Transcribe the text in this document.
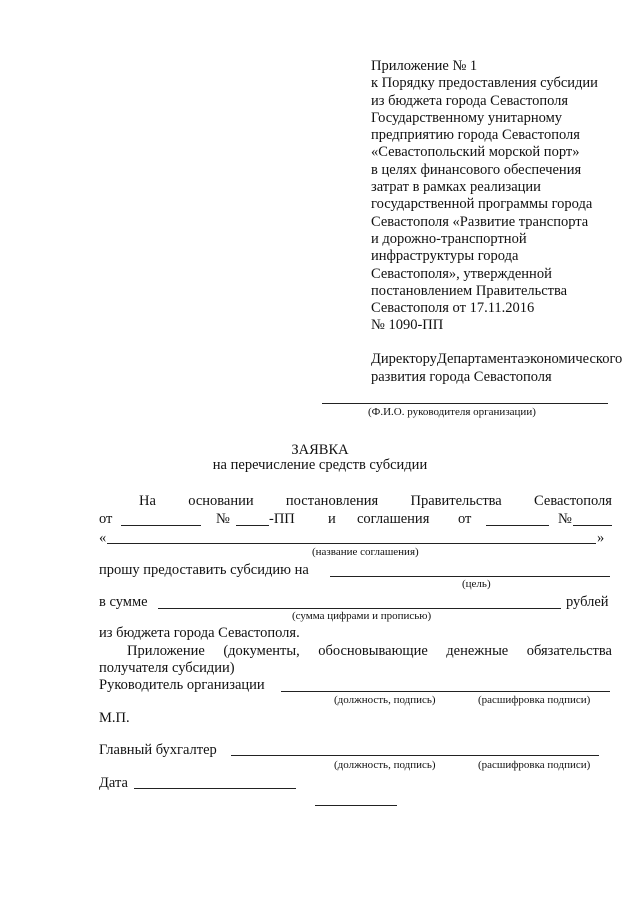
Приложение № 1
к Порядку предоставления субсидии
из бюджета города Севастополя
Государственному унитарному
предприятию города Севастополя
«Севастопольский морской порт»
в целях финансового обеспечения
затрат в рамках реализации
государственной программы города
Севастополя «Развитие транспорта
и дорожно-транспортной
инфраструктуры города
Севастополя», утвержденной
постановлением Правительства
Севастополя от 17.11.2016
№ 1090-ПП
Директору Департамента экономического
развития города Севастополя
(Ф.И.О. руководителя организации)
ЗАЯВКА
на перечисление средств субсидии
На основании постановления Правительства Севастополя
от	№	-ПП и соглашения от	№
«	»
(название соглашения)
прошу предоставить субсидию на
(цель)
в сумме	рублей
(сумма цифрами и прописью)
из бюджета города Севастополя.
Приложение (документы, обосновывающие денежные обязательства
получателя субсидии)
Руководитель организации
(должность, подпись)	(расшифровка подписи)
М.П.
Главный бухгалтер
(должность, подпись)	(расшифровка подписи)
Дата
